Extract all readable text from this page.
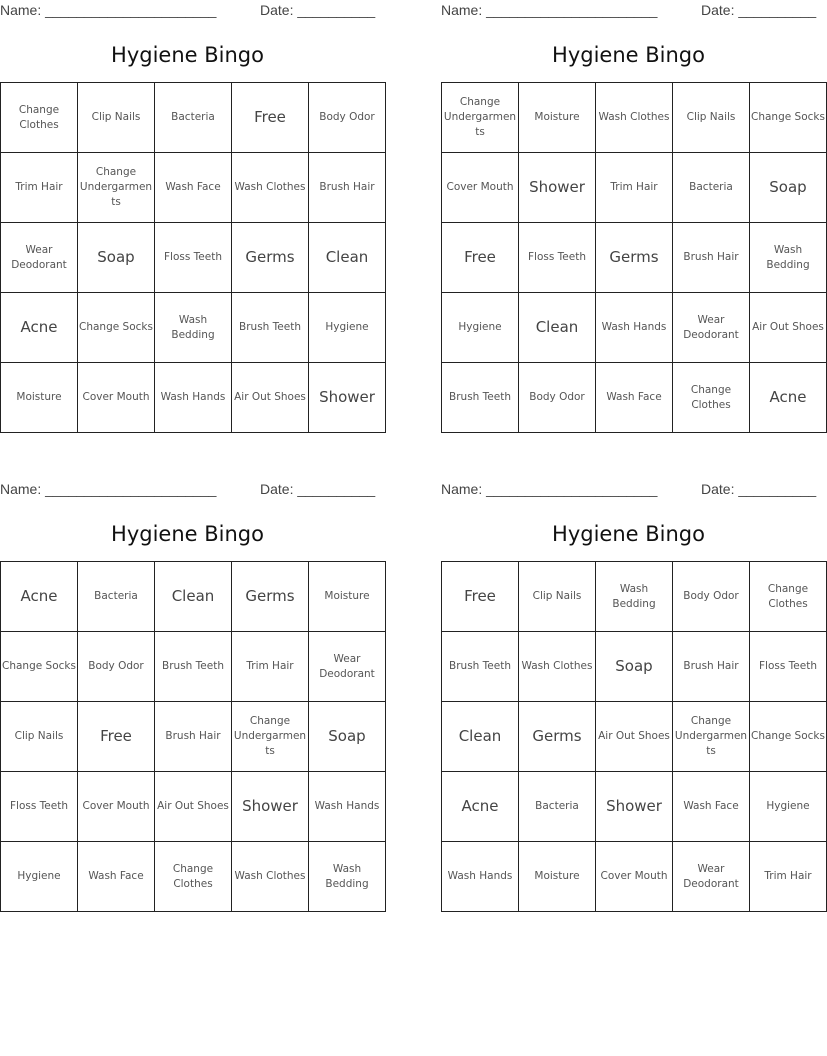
Name: ______________________	Date: __________
Hygiene Bingo
Change Clothes	Clip Nails	Bacteria	Free	Body Odor
Trim Hair	Change Undergarments	Wash Face	Wash Clothes	Brush Hair
Wear Deodorant	Soap	Floss Teeth	Germs	Clean
Acne	Change Socks	Wash Bedding	Brush Teeth	Hygiene
Moisture	Cover Mouth	Wash Hands	Air Out Shoes	Shower
Name: ______________________	Date: __________
Hygiene Bingo
Change Undergarments	Moisture	Wash Clothes	Clip Nails	Change Socks
Cover Mouth	Shower	Trim Hair	Bacteria	Soap
Free	Floss Teeth	Germs	Brush Hair	Wash Bedding
Hygiene	Clean	Wash Hands	Wear Deodorant	Air Out Shoes
Brush Teeth	Body Odor	Wash Face	Change Clothes	Acne
Name: ______________________	Date: __________
Hygiene Bingo
Acne	Bacteria	Clean	Germs	Moisture
Change Socks	Body Odor	Brush Teeth	Trim Hair	Wear Deodorant
Clip Nails	Free	Brush Hair	Change Undergarments	Soap
Floss Teeth	Cover Mouth	Air Out Shoes	Shower	Wash Hands
Hygiene	Wash Face	Change Clothes	Wash Clothes	Wash Bedding
Name: ______________________	Date: __________
Hygiene Bingo
Free	Clip Nails	Wash Bedding	Body Odor	Change Clothes
Brush Teeth	Wash Clothes	Soap	Brush Hair	Floss Teeth
Clean	Germs	Air Out Shoes	Change Undergarments	Change Socks
Acne	Bacteria	Shower	Wash Face	Hygiene
Wash Hands	Moisture	Cover Mouth	Wear Deodorant	Trim Hair
